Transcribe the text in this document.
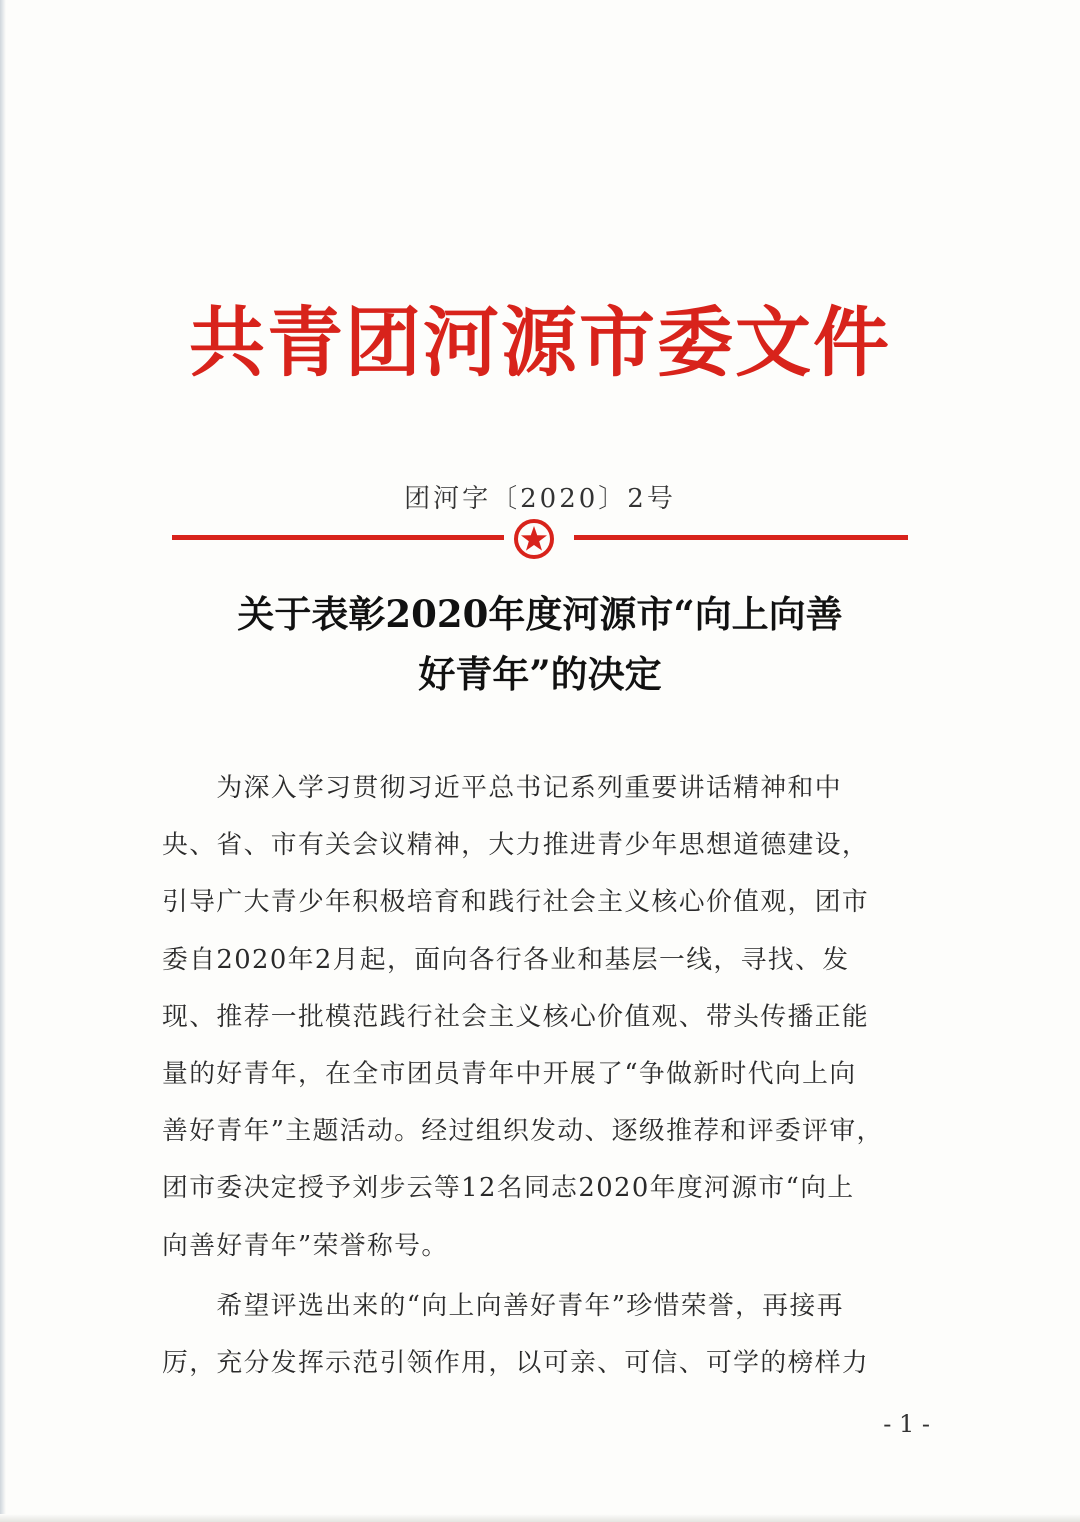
共青团河源市委文件
团河字〔2020〕2号
关于表彰2020年度河源市“向上向善
好青年”的决定
　　为深入学习贯彻习近平总书记系列重要讲话精神和中
央、省、市有关会议精神，大力推进青少年思想道德建设，
引导广大青少年积极培育和践行社会主义核心价值观，团市
委自2020年2月起，面向各行各业和基层一线，寻找、发
现、推荐一批模范践行社会主义核心价值观、带头传播正能
量的好青年，在全市团员青年中开展了“争做新时代向上向
善好青年”主题活动。经过组织发动、逐级推荐和评委评审，
团市委决定授予刘步云等12名同志2020年度河源市“向上
向善好青年”荣誉称号。
　　希望评选出来的“向上向善好青年”珍惜荣誉，再接再
厉，充分发挥示范引领作用，以可亲、可信、可学的榜样力
- 1 -
